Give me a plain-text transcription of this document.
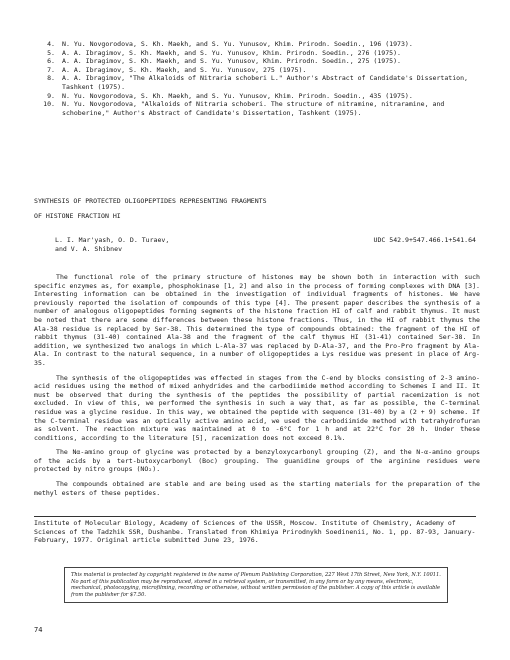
4.	N. Yu. Novgorodova, S. Kh. Maekh, and S. Yu. Yunusov, Khim. Prirodn. Soedin., 196 (1973).
5.	A. A. Ibragimov, S. Kh. Maekh, and S. Yu. Yunusov, Khim. Prirodn. Soedin., 276 (1975).
6.	A. A. Ibragimov, S. Kh. Maekh, and S. Yu. Yunusov, Khim. Prirodn. Soedin., 275 (1975).
7.	A. A. Ibragimov, S. Kh. Maekh, and S. Yu. Yunusov, 275 (1975).
8.	A. A. Ibragimov, "The Alkaloids of Nitraria schoberi L." Author's Abstract of Candidate's Dissertation, Tashkent (1975).
9.	N. Yu. Novgorodova, S. Kh. Maekh, and S. Yu. Yunusov, Khim. Prirodn. Soedin., 435 (1975).
10.	N. Yu. Novgorodova, "Alkaloids of Nitraria schoberi. The structure of nitramine, nitraramine, and schoberine," Author's Abstract of Candidate's Dissertation, Tashkent (1975).
SYNTHESIS OF PROTECTED OLIGOPEPTIDES REPRESENTING FRAGMENTS
OF HISTONE FRACTION HI
L. I. Mar'yash, O. D. Turaev,
and V. A. Shibnev
UDC 542.9+547.466.1+541.64

The functional role of the primary structure of histones may be shown both in interaction with such specific enzymes as, for example, phosphokinase [1, 2] and also in the process of forming complexes with DNA [3]. Interesting information can be obtained in the investigation of individual fragments of histones. We have previously reported the isolation of compounds of this type [4]. The present paper describes the synthesis of a number of analogous oligopeptides forming segments of the histone fraction HI of calf and rabbit thymus. It must be noted that there are some differences between these histone fractions. Thus, in the HI of rabbit thymus the Ala-38 residue is replaced by Ser-38. This determined the type of compounds obtained: the fragment of the HI of rabbit thymus (31-40) contained Ala-38 and the fragment of the calf thymus HI (31-41) contained Ser-38. In addition, we synthesized two analogs in which L-Ala-37 was replaced by D-Ala-37, and the Pro-Pro fragment by Ala-Ala. In contrast to the natural sequence, in a number of oligopeptides a Lys residue was present in place of Arg-35.

The synthesis of the oligopeptides was effected in stages from the C-end by blocks consisting of 2-3 amino-acid residues using the method of mixed anhydrides and the carbodiimide method according to Schemes I and II. It must be observed that during the synthesis of the peptides the possibility of partial racemization is not excluded. In view of this, we performed the synthesis in such a way that, as far as possible, the C-terminal residue was a glycine residue. In this way, we obtained the peptide with sequence (31-40) by a (2 + 9) scheme. If the C-terminal residue was an optically active amino acid, we used the carbodiimide method with tetrahydrofuran as solvent. The reaction mixture was maintained at 0 to -6°C for 1 h and at 22°C for 20 h. Under these conditions, according to the literature [5], racemization does not exceed 0.1%.

The Nα-amino group of glycine was protected by a benzyloxycarbonyl grouping (Z), and the N-α-amino groups of the acids by a tert-butoxycarbonyl (Boc) grouping. The guanidine groups of the arginine residues were protected by nitro groups (NO₂).

The compounds obtained are stable and are being used as the starting materials for the preparation of the methyl esters of these peptides.

Institute of Molecular Biology, Academy of Sciences of the USSR, Moscow. Institute of Chemistry, Academy of Sciences of the Tadzhik SSR, Dushanbe. Translated from Khimiya Prirodnykh Soedinenii, No. 1, pp. 87-93, January-February, 1977. Original article submitted June 23, 1976.
This material is protected by copyright registered in the name of Plenum Publishing Corporation, 227 West 17th Street, New York, N.Y. 10011. No part of this publication may be reproduced, stored in a retrieval system, or transmitted, in any form or by any means, electronic, mechanical, photocopying, microfilming, recording or otherwise, without written permission of the publisher. A copy of this article is available from the publisher for $7.50.
74
